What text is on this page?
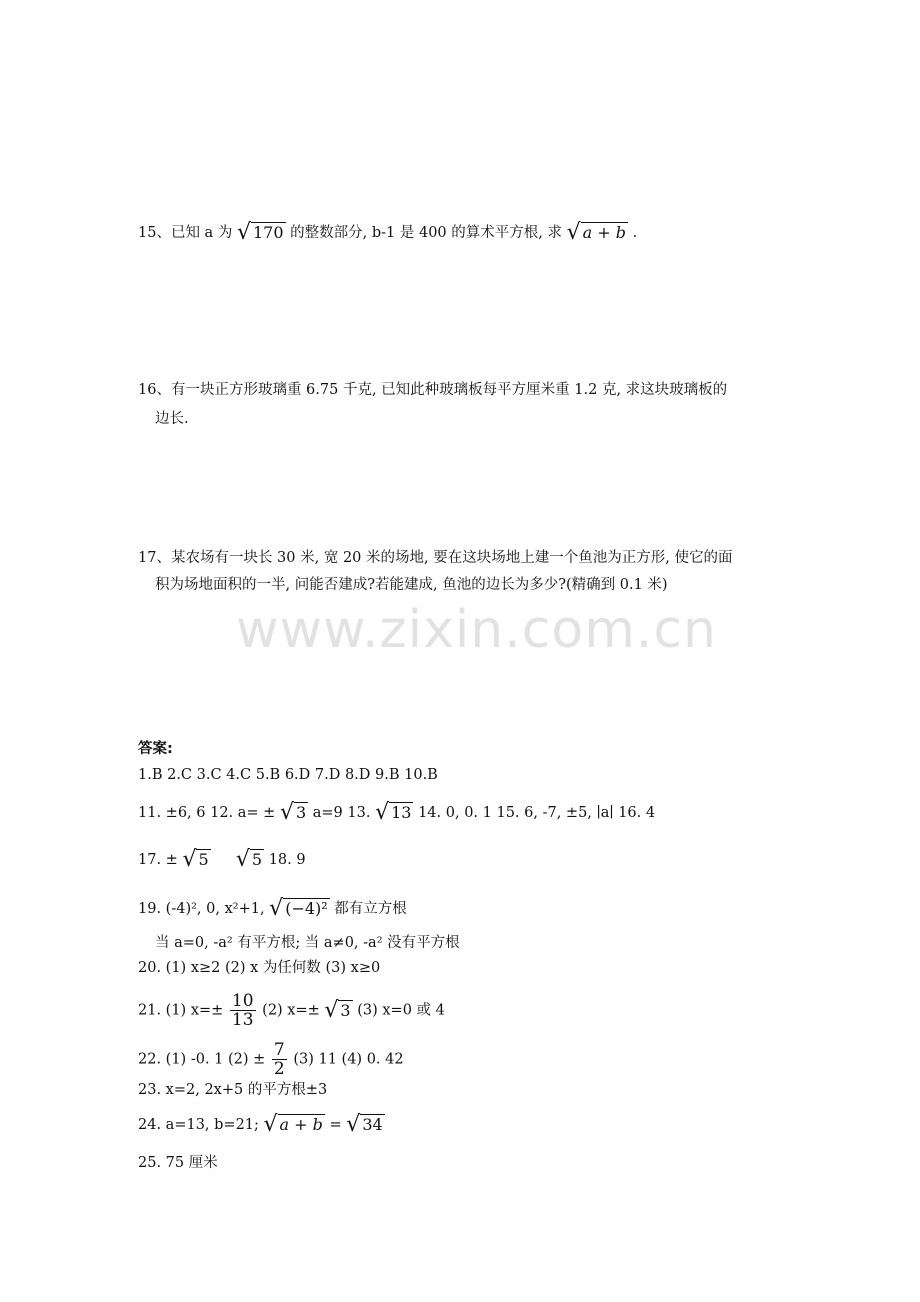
15、已知 a 为 √ 170 的整数部分, b-1 是 400 的算术平方根, 求 √ a + b .
16、有一块正方形玻璃重 6.75 千克, 已知此种玻璃板每平方厘米重 1.2 克, 求这块玻璃板的
边长.
17、某农场有一块长 30 米, 宽 20 米的场地, 要在这块场地上建一个鱼池为正方形, 使它的面
积为场地面积的一半, 问能否建成?若能建成, 鱼池的边长为多少?(精确到 0.1 米)
www.zixin.com.cn
答案:
1.B 2.C 3.C 4.C 5.B 6.D 7.D 8.D 9.B 10.B
11. ±6, 6 12. a= ± √ 3 a=9 13. √ 13 14. 0, 0. 1 15. 6, -7, ±5, ∣a∣ 16. 4
17. ± √ 5
√ 5 18. 9
19. (-4)², 0, x²+1, √ (−4)² 都有立方根
当 a=0, -a² 有平方根; 当 a≠0, -a² 没有平方根
20. (1) x≥2 (2) x 为任何数 (3) x≥0
21. (1) $x=\pm \frac{10}{13} (2)$ x=± √ 3 (3) x=0 或 4
22. (1) -0. 1 $(2) \pm \frac{7}{2} (3)$ 11 (4) 0. 42
23. x=2, 2x+5 的平方根±3
24. a=13, b=21; √ a + b = √ 34
25. 75 厘米
